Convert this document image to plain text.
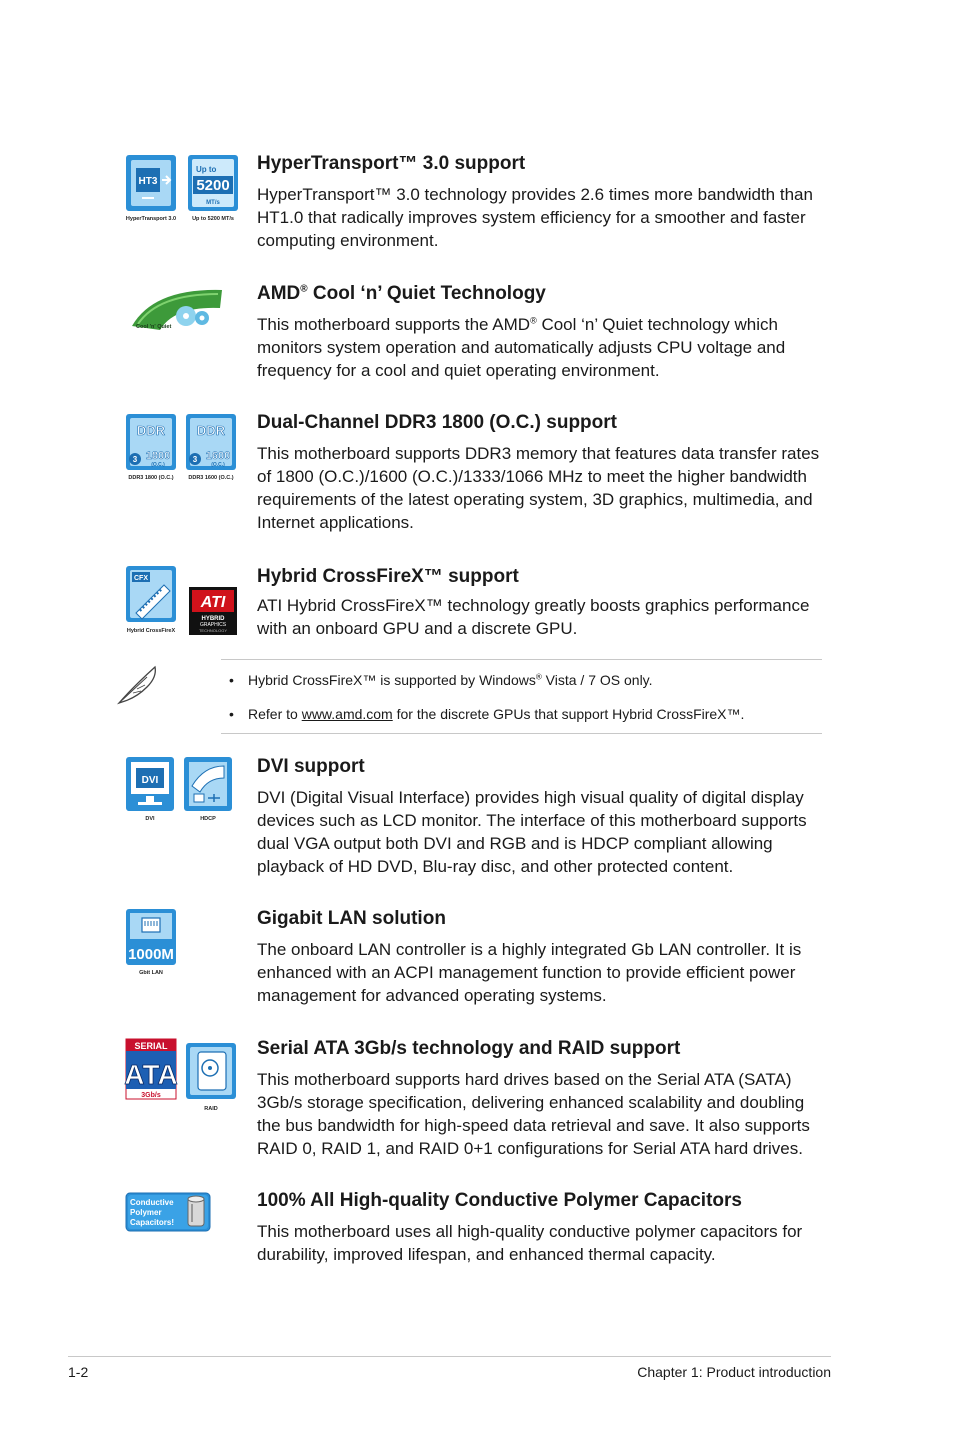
HT3
Up to
5200
MT/s
HyperTransport 3.0	Up to 5200 MT/s
HyperTransport™ 3.0 support

HyperTransport™ 3.0 technology provides 2.6 times more bandwidth than HT1.0 that radically improves system efficiency for a smoother and faster computing environment.

Cool 'n' Quiet
AMD® Cool ‘n’ Quiet Technology

This motherboard supports the AMD® Cool ‘n’ Quiet technology which monitors system operation and automatically adjusts CPU voltage and frequency for a cool and quiet operating environment.

DDR
3 1800
(O.C.)
DDR3 1800 (O.C.)
DDR
3 1600
(O.C.)
DDR3 1600 (O.C.)
Dual-Channel DDR3 1800 (O.C.) support

This motherboard supports DDR3 memory that features data transfer rates of 1800 (O.C.)/1600 (O.C.)/1333/1066 MHz to meet the higher bandwidth requirements of the latest operating system, 3D graphics, multimedia, and Internet applications.

CFX
Hybrid CrossFireX
ATI
HYBRID
GRAPHICS
TECHNOLOGY
Hybrid CrossFireX™ support

ATI Hybrid CrossFireX™ technology greatly boosts graphics performance with an onboard GPU and a discrete GPU.

• Hybrid CrossFireX™ is supported by Windows® Vista / 7 OS only.
• Refer to www.amd.com for the discrete GPUs that support Hybrid CrossFireX™.
DVI
DVI	HDCP
DVI support

DVI (Digital Visual Interface) provides high visual quality of digital display devices such as LCD monitor. The interface of this motherboard supports dual VGA output both DVI and RGB and is HDCP compliant allowing playback of HD DVD, Blu-ray disc, and other protected content.

1000M
Gbit LAN
Gigabit LAN solution

The onboard LAN controller is a highly integrated Gb LAN controller. It is enhanced with an ACPI management function to provide efficient power management for advanced operating systems.

SERIAL
ATA
3Gb/s
RAID
Serial ATA 3Gb/s technology and RAID support

This motherboard supports hard drives based on the Serial ATA (SATA) 3Gb/s storage specification, delivering enhanced scalability and doubling the bus bandwidth for high-speed data retrieval and save. It also supports RAID 0, RAID 1, and RAID 0+1 configurations for Serial ATA hard drives.

Conductive
Polymer
Capacitors!
100% All High-quality Conductive Polymer Capacitors

This motherboard uses all high-quality conductive polymer capacitors for durability, improved lifespan, and enhanced thermal capacity.

1-2	Chapter 1: Product introduction
